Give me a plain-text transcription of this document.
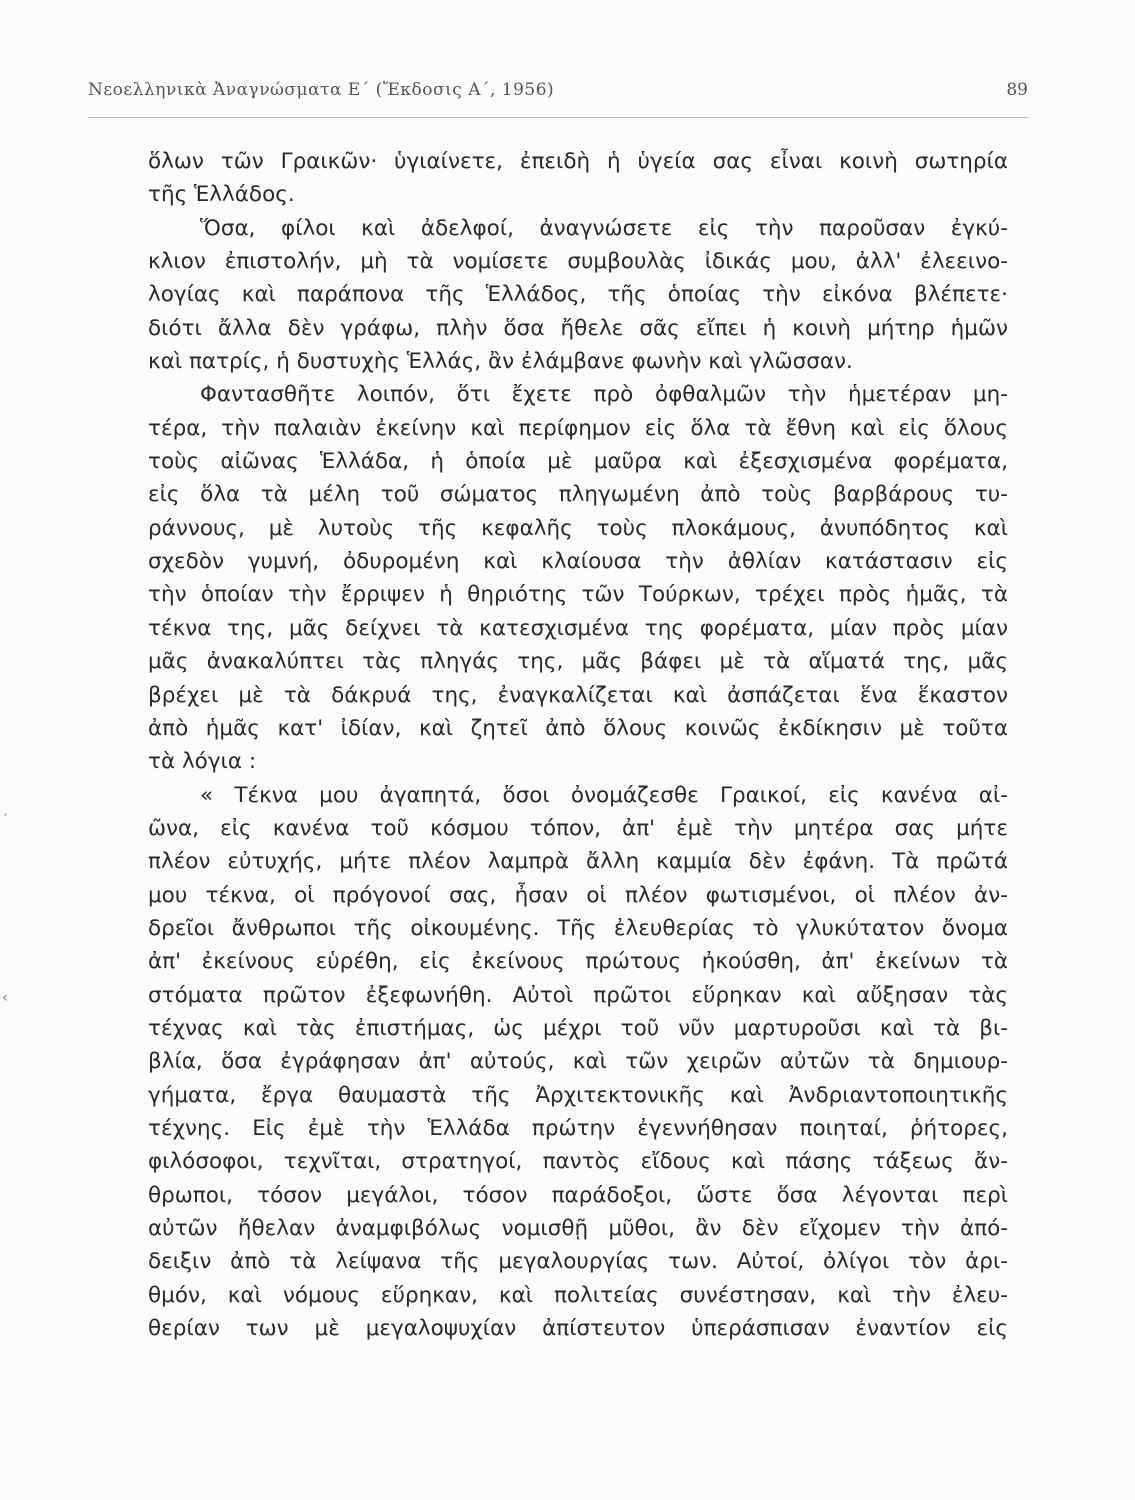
Νεοελληνικὰ Ἀναγνώσματα Ε΄ (Ἔκδοσις Α΄, 1956)	89
′
‹
ὅλων τῶν Γραικῶν· ὑγιαίνετε, ἐπειδὴ ἡ ὑγεία σας εἶναι κοινὴ σωτηρία
τῆς Ἑλλάδος.
Ὅσα, φίλοι καὶ ἀδελφοί, ἀναγνώσετε εἰς τὴν παροῦσαν ἐγκύ-
κλιον ἐπιστολήν, μὴ τὰ νομίσετε συμβουλὰς ἰδικάς μου, ἀλλ' ἐλεεινο-
λογίας καὶ παράπονα τῆς Ἑλλάδος, τῆς ὁποίας τὴν εἰκόνα βλέπετε·
διότι ἄλλα δὲν γράφω, πλὴν ὅσα ἤθελε σᾶς εἴπει ἡ κοινὴ μήτηρ ἡμῶν
καὶ πατρίς, ἡ δυστυχὴς Ἑλλάς, ἂν ἐλάμβανε φωνὴν καὶ γλῶσσαν.
Φαντασθῆτε λοιπόν, ὅτι ἔχετε πρὸ ὀφθαλμῶν τὴν ἡμετέραν μη-
τέρα, τὴν παλαιὰν ἐκείνην καὶ περίφημον εἰς ὅλα τὰ ἔθνη καὶ εἰς ὅλους
τοὺς αἰῶνας Ἑλλάδα, ἡ ὁποία μὲ μαῦρα καὶ ἐξεσχισμένα φορέματα,
εἰς ὅλα τὰ μέλη τοῦ σώματος πληγωμένη ἀπὸ τοὺς βαρβάρους τυ-
ράννους, μὲ λυτοὺς τῆς κεφαλῆς τοὺς πλοκάμους, ἀνυπόδητος καὶ
σχεδὸν γυμνή, ὀδυρομένη καὶ κλαίουσα τὴν ἀθλίαν κατάστασιν εἰς
τὴν ὁποίαν τὴν ἔρριψεν ἡ θηριότης τῶν Τούρκων, τρέχει πρὸς ἡμᾶς, τὰ
τέκνα της, μᾶς δείχνει τὰ κατεσχισμένα της φορέματα, μίαν πρὸς μίαν
μᾶς ἀνακαλύπτει τὰς πληγάς της, μᾶς βάφει μὲ τὰ αἵματά της, μᾶς
βρέχει μὲ τὰ δάκρυά της, ἐναγκαλίζεται καὶ ἀσπάζεται ἕνα ἕκαστον
ἀπὸ ἡμᾶς κατ' ἰδίαν, καὶ ζητεῖ ἀπὸ ὅλους κοινῶς ἐκδίκησιν μὲ τοῦτα
τὰ λόγια :
« Τέκνα μου ἀγαπητά, ὅσοι ὀνομάζεσθε Γραικοί, εἰς κανένα αἰ-
ῶνα, εἰς κανένα τοῦ κόσμου τόπον, ἀπ' ἐμὲ τὴν μητέρα σας μήτε
πλέον εὐτυχής, μήτε πλέον λαμπρὰ ἄλλη καμμία δὲν ἐφάνη. Τὰ πρῶτά
μου τέκνα, οἱ πρόγονοί σας, ἦσαν οἱ πλέον φωτισμένοι, οἱ πλέον ἀν-
δρεῖοι ἄνθρωποι τῆς οἰκουμένης. Τῆς ἐλευθερίας τὸ γλυκύτατον ὄνομα
ἀπ' ἐκείνους εὑρέθη, εἰς ἐκείνους πρώτους ἠκούσθη, ἀπ' ἐκείνων τὰ
στόματα πρῶτον ἐξεφωνήθη. Αὐτοὶ πρῶτοι εὕρηκαν καὶ αὔξησαν τὰς
τέχνας καὶ τὰς ἐπιστήμας, ὡς μέχρι τοῦ νῦν μαρτυροῦσι καὶ τὰ βι-
βλία, ὅσα ἐγράφησαν ἀπ' αὐτούς, καὶ τῶν χειρῶν αὐτῶν τὰ δημιουρ-
γήματα, ἔργα θαυμαστὰ τῆς Ἀρχιτεκτονικῆς καὶ Ἀνδριαντοποιητικῆς
τέχνης. Εἰς ἐμὲ τὴν Ἑλλάδα πρώτην ἐγεννήθησαν ποιηταί, ῥήτορες,
φιλόσοφοι, τεχνῖται, στρατηγοί, παντὸς εἴδους καὶ πάσης τάξεως ἄν-
θρωποι, τόσον μεγάλοι, τόσον παράδοξοι, ὥστε ὅσα λέγονται περὶ
αὐτῶν ἤθελαν ἀναμφιβόλως νομισθῇ μῦθοι, ἂν δὲν εἴχομεν τὴν ἀπό-
δειξιν ἀπὸ τὰ λείψανα τῆς μεγαλουργίας των. Αὐτοί, ὀλίγοι τὸν ἀρι-
θμόν, καὶ νόμους εὕρηκαν, καὶ πολιτείας συνέστησαν, καὶ τὴν ἐλευ-
θερίαν των μὲ μεγαλοψυχίαν ἀπίστευτον ὑπεράσπισαν ἐναντίον εἰς
